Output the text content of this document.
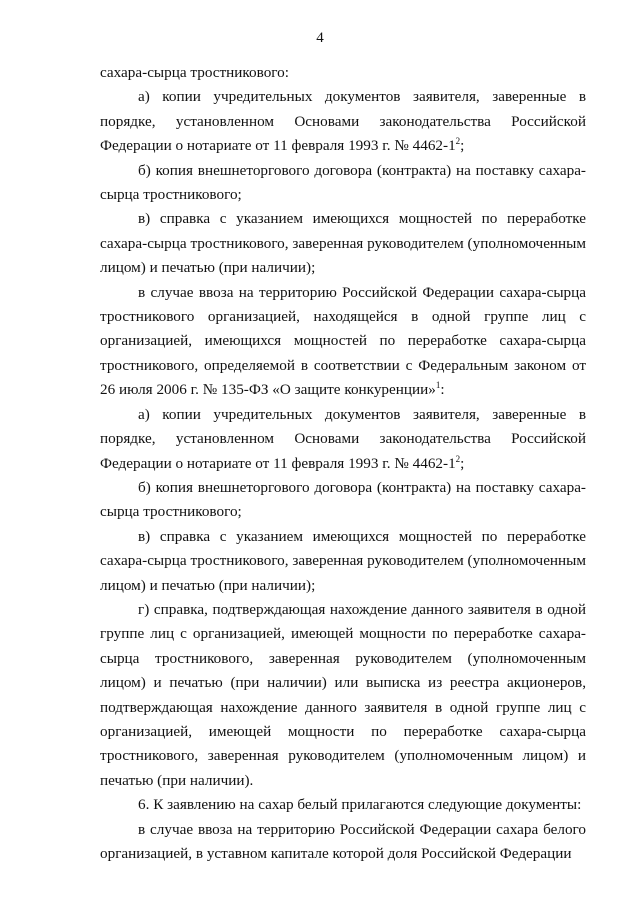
4

сахара-сырца тростникового:

а) копии учредительных документов заявителя, заверенные в порядке, установленном Основами законодательства Российской Федерации о нотариате от 11 февраля 1993 г. № $4462-1^2$;

б) копия внешнеторгового договора (контракта) на поставку сахара-сырца тростникового;

в) справка с указанием имеющихся мощностей по переработке сахара-сырца тростникового, заверенная руководителем (уполномоченным лицом) и печатью (при наличии);

в случае ввоза на территорию Российской Федерации сахара-сырца тростникового организацией, находящейся в одной группе лиц с организацией, имеющихся мощностей по переработке сахара-сырца тростникового, определяемой в соответствии с Федеральным законом от 26 июля 2006 г. № 135-ФЗ «О защите конкуренции»$^1$:

а) копии учредительных документов заявителя, заверенные в порядке, установленном Основами законодательства Российской Федерации о нотариате от 11 февраля 1993 г. № $4462-1^2$;

б) копия внешнеторгового договора (контракта) на поставку сахара-сырца тростникового;

в) справка с указанием имеющихся мощностей по переработке сахара-сырца тростникового, заверенная руководителем (уполномоченным лицом) и печатью (при наличии);

г) справка, подтверждающая нахождение данного заявителя в одной группе лиц с организацией, имеющей мощности по переработке сахара-сырца тростникового, заверенная руководителем (уполномоченным лицом) и печатью (при наличии) или выписка из реестра акционеров, подтверждающая нахождение данного заявителя в одной группе лиц с организацией, имеющей мощности по переработке сахара-сырца тростникового, заверенная руководителем (уполномоченным лицом) и печатью (при наличии).

6. К заявлению на сахар белый прилагаются следующие документы:

в случае ввоза на территорию Российской Федерации сахара белого организацией, в уставном капитале которой доля Российской Федерации
